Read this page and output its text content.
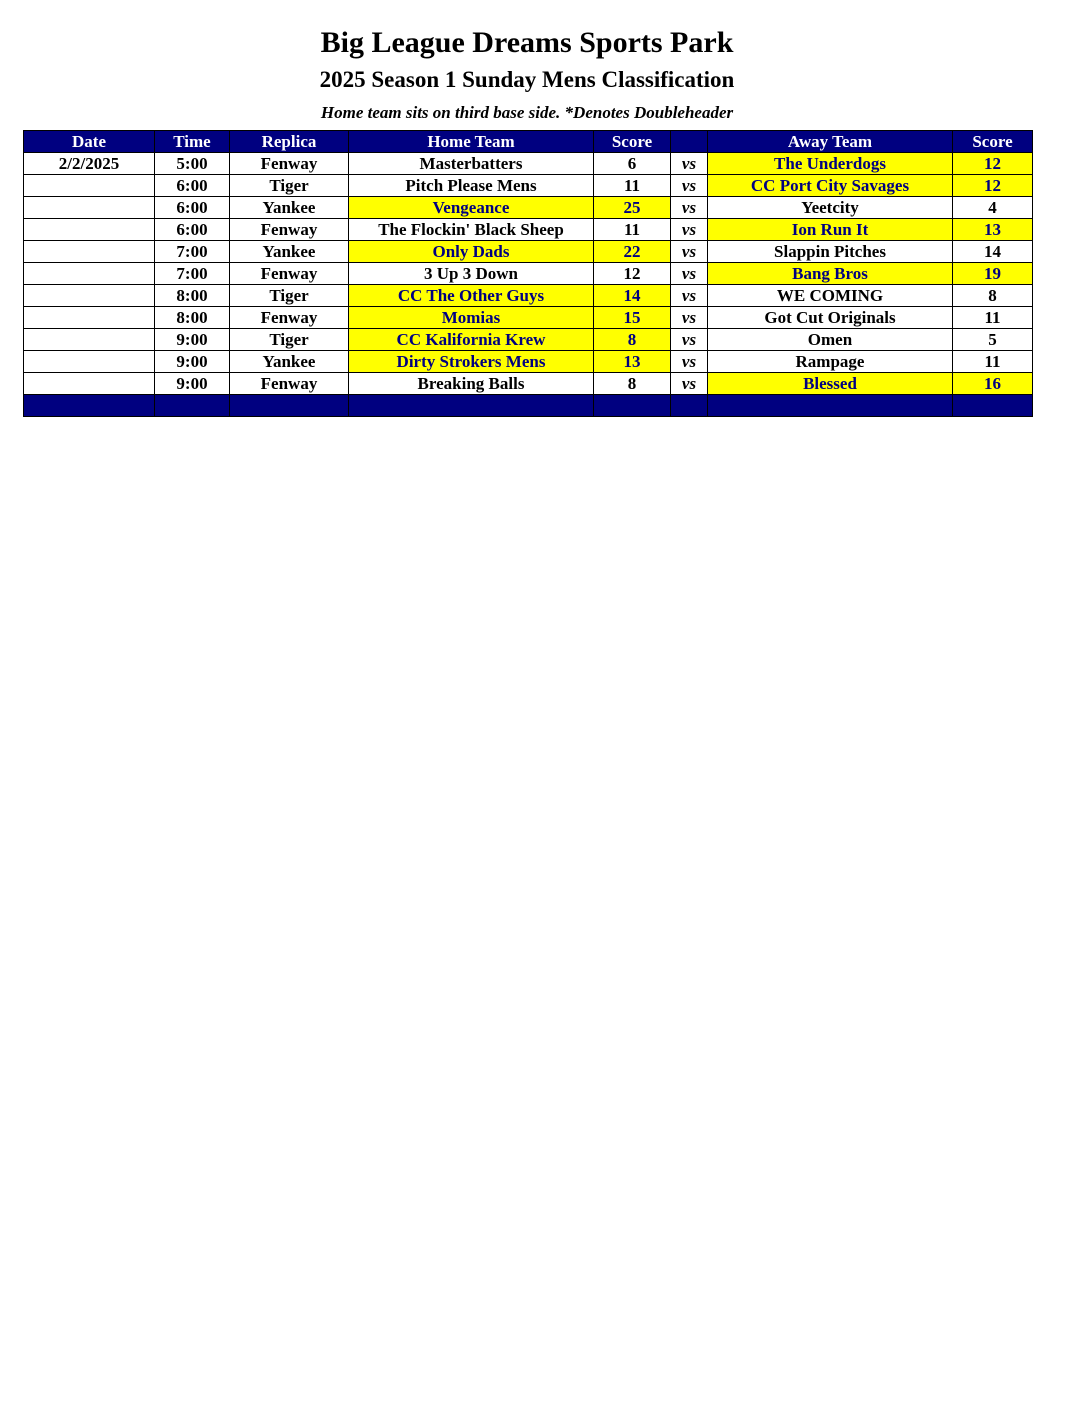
Big League Dreams Sports Park
2025 Season 1 Sunday Mens Classification
Home team sits on third base side. *Denotes Doubleheader
Date	Time	Replica	Home Team	Score		Away Team	Score
2/2/2025	5:00	Fenway	Masterbatters	6	vs	The Underdogs	12
	6:00	Tiger	Pitch Please Mens	11	vs	CC Port City Savages	12
	6:00	Yankee	Vengeance	25	vs	Yeetcity	4
	6:00	Fenway	The Flockin' Black Sheep	11	vs	Ion Run It	13
	7:00	Yankee	Only Dads	22	vs	Slappin Pitches	14
	7:00	Fenway	3 Up 3 Down	12	vs	Bang Bros	19
	8:00	Tiger	CC The Other Guys	14	vs	WE COMING	8
	8:00	Fenway	Momias	15	vs	Got Cut Originals	11
	9:00	Tiger	CC Kalifornia Krew	8	vs	Omen	5
	9:00	Yankee	Dirty Strokers Mens	13	vs	Rampage	11
	9:00	Fenway	Breaking Balls	8	vs	Blessed	16
